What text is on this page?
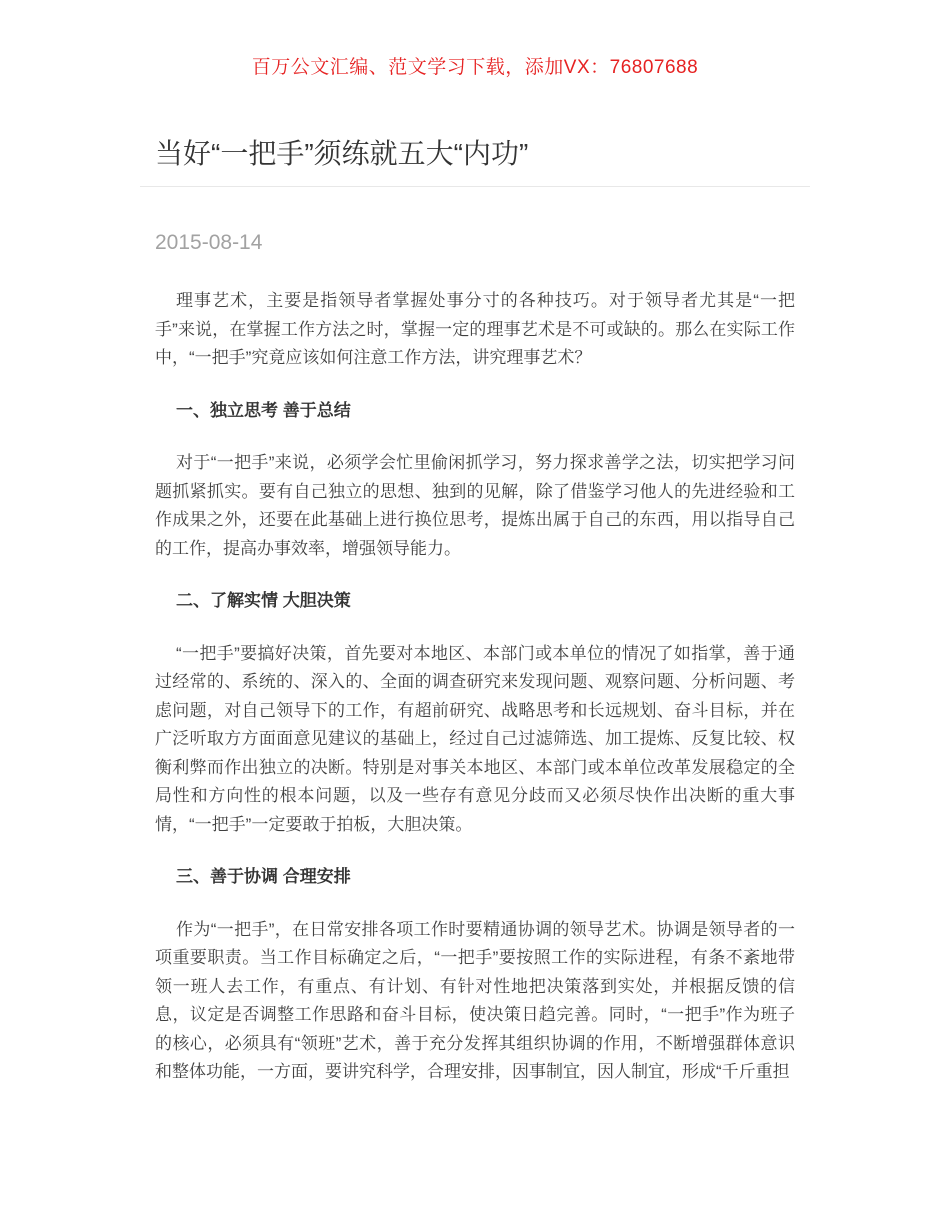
百万公文汇编、范文学习下载，添加VX：76807688
当好“一把手”须练就五大“内功”
2015-08-14

理事艺术，主要是指领导者掌握处事分寸的各种技巧。对于领导者尤其是“一把手”来说，在掌握工作方法之时，掌握一定的理事艺术是不可或缺的。那么在实际工作中，“一把手”究竟应该如何注意工作方法，讲究理事艺术？

一、独立思考 善于总结

对于“一把手”来说，必须学会忙里偷闲抓学习，努力探求善学之法，切实把学习问题抓紧抓实。要有自己独立的思想、独到的见解，除了借鉴学习他人的先进经验和工作成果之外，还要在此基础上进行换位思考，提炼出属于自己的东西，用以指导自己的工作，提高办事效率，增强领导能力。

二、了解实情 大胆决策

“一把手”要搞好决策，首先要对本地区、本部门或本单位的情况了如指掌，善于通过经常的、系统的、深入的、全面的调查研究来发现问题、观察问题、分析问题、考虑问题，对自己领导下的工作，有超前研究、战略思考和长远规划、奋斗目标，并在广泛听取方方面面意见建议的基础上，经过自己过滤筛选、加工提炼、反复比较、权衡利弊而作出独立的决断。特别是对事关本地区、本部门或本单位改革发展稳定的全局性和方向性的根本问题，以及一些存有意见分歧而又必须尽快作出决断的重大事情，“一把手”一定要敢于拍板，大胆决策。

三、善于协调 合理安排

作为“一把手”，在日常安排各项工作时要精通协调的领导艺术。协调是领导者的一项重要职责。当工作目标确定之后，“一把手”要按照工作的实际进程，有条不紊地带领一班人去工作，有重点、有计划、有针对性地把决策落到实处，并根据反馈的信息，议定是否调整工作思路和奋斗目标，使决策日趋完善。同时，“一把手”作为班子的核心，必须具有“领班”艺术，善于充分发挥其组织协调的作用，不断增强群体意识和整体功能，一方面，要讲究科学，合理安排，因事制宜，因人制宜，形成“千斤重担
